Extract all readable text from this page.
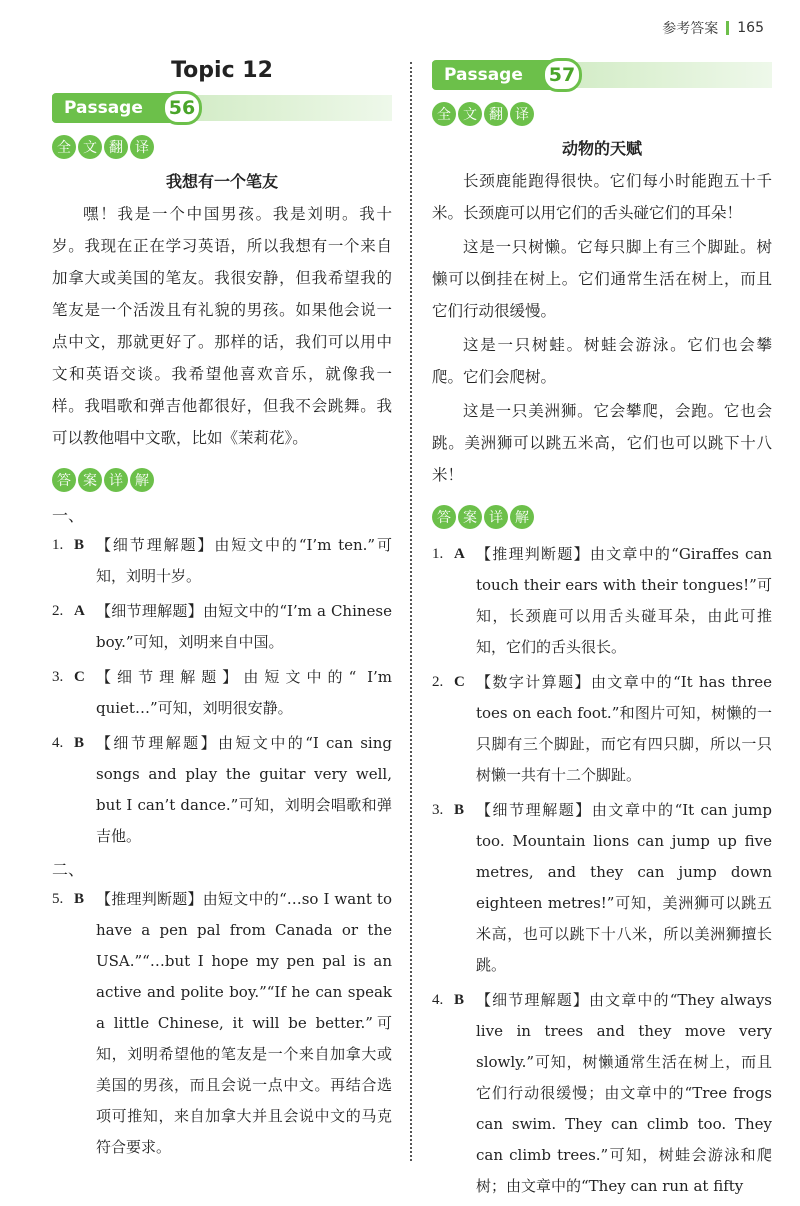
参考答案 165
Topic 12
Passage	56
全 文 翻 译
我想有一个笔友

嘿！我是一个中国男孩。我是刘明。我十岁。我现在正在学习英语，所以我想有一个来自加拿大或美国的笔友。我很安静，但我希望我的笔友是一个活泼且有礼貌的男孩。如果他会说一点中文，那就更好了。那样的话，我们可以用中文和英语交谈。我希望他喜欢音乐，就像我一样。我唱歌和弹吉他都很好，但我不会跳舞。我可以教他唱中文歌，比如《茉莉花》。

答 案 详 解
一、
1. B 【细节理解题】由短文中的“I’m ten.”可知，刘明十岁。
2. A 【细节理解题】由短文中的“I’m a Chinese boy.”可知，刘明来自中国。
3. C 【细节理解题】由短文中的“ I’m quiet…”可知，刘明很安静。
4. B 【细节理解题】由短文中的“I can sing songs and play the guitar very well, but I can’t dance.”可知，刘明会唱歌和弹吉他。
二、
5. B 【推理判断题】由短文中的“…so I want to have a pen pal from Canada or the USA.”“…but I hope my pen pal is an active and polite boy.”“If he can speak a little Chinese, it will be better.”可知，刘明希望他的笔友是一个来自加拿大或美国的男孩，而且会说一点中文。再结合选项可推知，来自加拿大并且会说中文的马克符合要求。
Passage	57
全 文 翻 译
动物的天赋

长颈鹿能跑得很快。它们每小时能跑五十千米。长颈鹿可以用它们的舌头碰它们的耳朵！

这是一只树懒。它每只脚上有三个脚趾。树懒可以倒挂在树上。它们通常生活在树上，而且它们行动很缓慢。

这是一只树蛙。树蛙会游泳。它们也会攀爬。它们会爬树。

这是一只美洲狮。它会攀爬，会跑。它也会跳。美洲狮可以跳五米高，它们也可以跳下十八米！

答 案 详 解
1. A 【推理判断题】由文章中的“Giraffes can touch their ears with their tongues!”可知，长颈鹿可以用舌头碰耳朵，由此可推知，它们的舌头很长。
2. C 【数字计算题】由文章中的“It has three toes on each foot.”和图片可知，树懒的一只脚有三个脚趾，而它有四只脚，所以一只树懒一共有十二个脚趾。
3. B 【细节理解题】由文章中的“It can jump too. Mountain lions can jump up five metres, and they can jump down eighteen metres!”可知，美洲狮可以跳五米高，也可以跳下十八米，所以美洲狮擅长跳。
4. B 【细节理解题】由文章中的“They always live in trees and they move very slowly.”可知，树懒通常生活在树上，而且它们行动很缓慢；由文章中的“Tree frogs can swim. They can climb too. They can climb trees.”可知，树蛙会游泳和爬树；由文章中的“They can run at fifty
